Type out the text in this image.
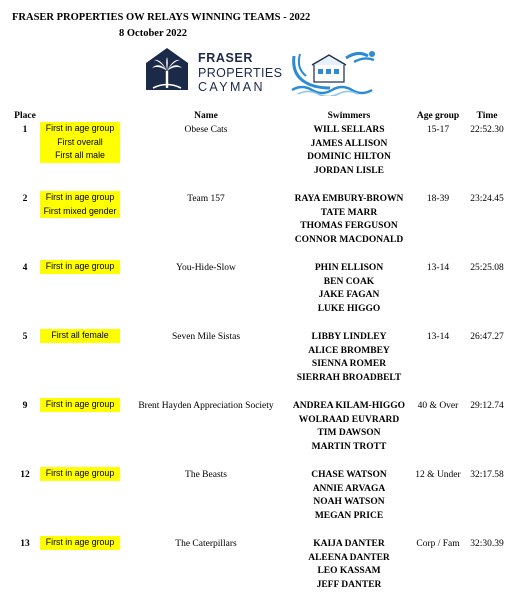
FRASER PROPERTIES OW RELAYS WINNING TEAMS - 2022
8 October 2022
FRASER
PROPERTIES
CAYMAN
Place	Name	Swimmers	Age group Time
1	First in age group
First overall
First all male
Obese Cats	WILL SELLARS
JAMES ALLISON
DOMINIC HILTON
JORDAN LISLE
15-17 22:52.30
2	First in age group
First mixed gender
Team 157	RAYA EMBURY-BROWN
TATE MARR
THOMAS FERGUSON
CONNOR MACDONALD
18-39 23:24.45
4	First in age group	You-Hide-Slow	PHIN ELLISON
BEN COAK
JAKE FAGAN
LUKE HIGGO
13-14 25:25.08
5	First all female	Seven Mile Sistas	LIBBY LINDLEY
ALICE BROMBEY
SIENNA ROMER
SIERRAH BROADBELT
13-14 26:47.27
9	First in age group	Brent Hayden Appreciation Society ANDREA KILAM-HIGGO
WOLRAAD EUVRARD
TIM DAWSON
MARTIN TROTT
40 & Over 29:12.74
12	First in age group	The Beasts	CHASE WATSON
ANNIE ARVAGA
NOAH WATSON
MEGAN PRICE
12 & Under 32:17.58
13	First in age group	The Caterpillars	KAIJA DANTER
ALEENA DANTER
LEO KASSAM
JEFF DANTER
Corp / Fam 32:30.39
